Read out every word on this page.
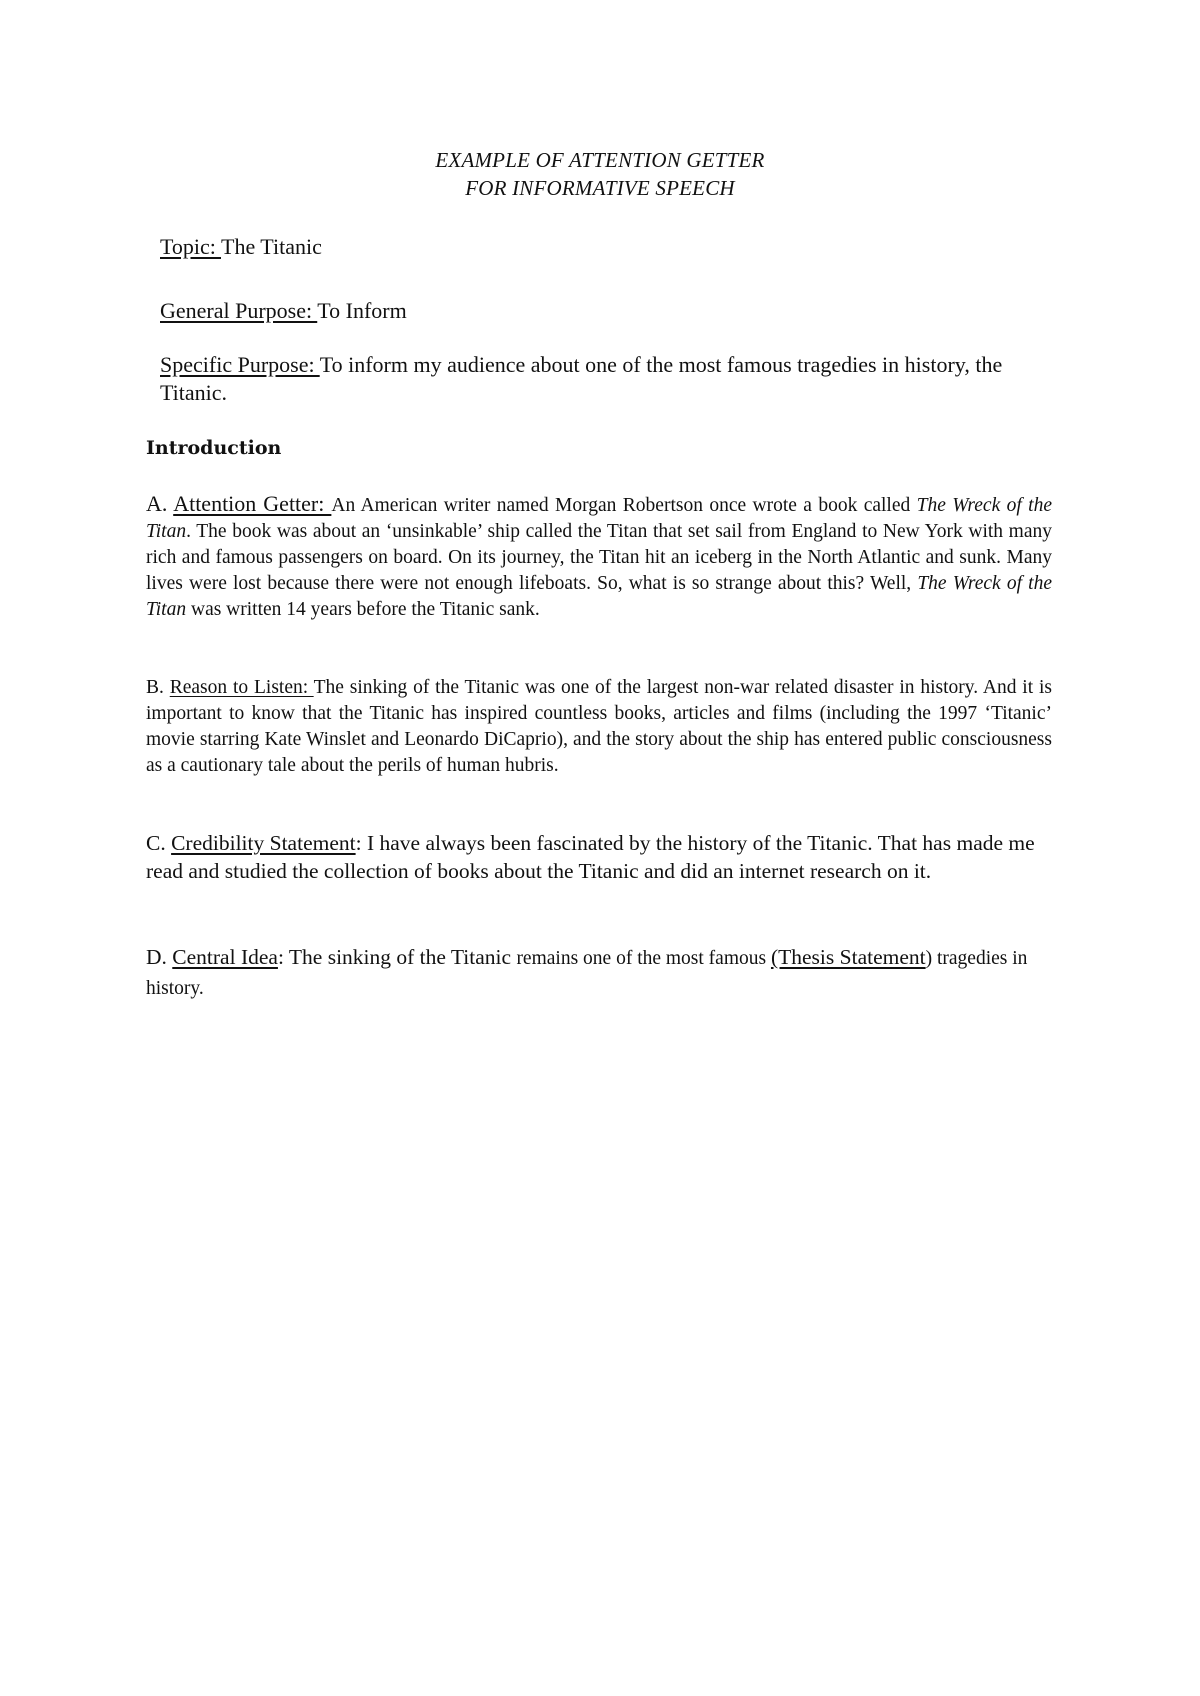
EXAMPLE OF ATTENTION GETTER
FOR INFORMATIVE SPEECH
Topic: The Titanic
General Purpose: To Inform
Specific Purpose: To inform my audience about one of the most famous tragedies in history, the Titanic.
Introduction
A. Attention Getter: An American writer named Morgan Robertson once wrote a book called The Wreck of the Titan. The book was about an ‘unsinkable’ ship called the Titan that set sail from England to New York with many rich and famous passengers on board. On its journey, the Titan hit an iceberg in the North Atlantic and sunk. Many lives were lost because there were not enough lifeboats. So, what is so strange about this? Well, The Wreck of the Titan was written 14 years before the Titanic sank.
B. Reason to Listen: The sinking of the Titanic was one of the largest non-war related disaster in history. And it is important to know that the Titanic has inspired countless books, articles and films (including the 1997 ‘Titanic’ movie starring Kate Winslet and Leonardo DiCaprio), and the story about the ship has entered public consciousness as a cautionary tale about the perils of human hubris.
C. Credibility Statement: I have always been fascinated by the history of the Titanic. That has made me read and studied the collection of books about the Titanic and did an internet research on it.
D. Central Idea: The sinking of the Titanic remains one of the most famous (Thesis Statement) tragedies in history.
